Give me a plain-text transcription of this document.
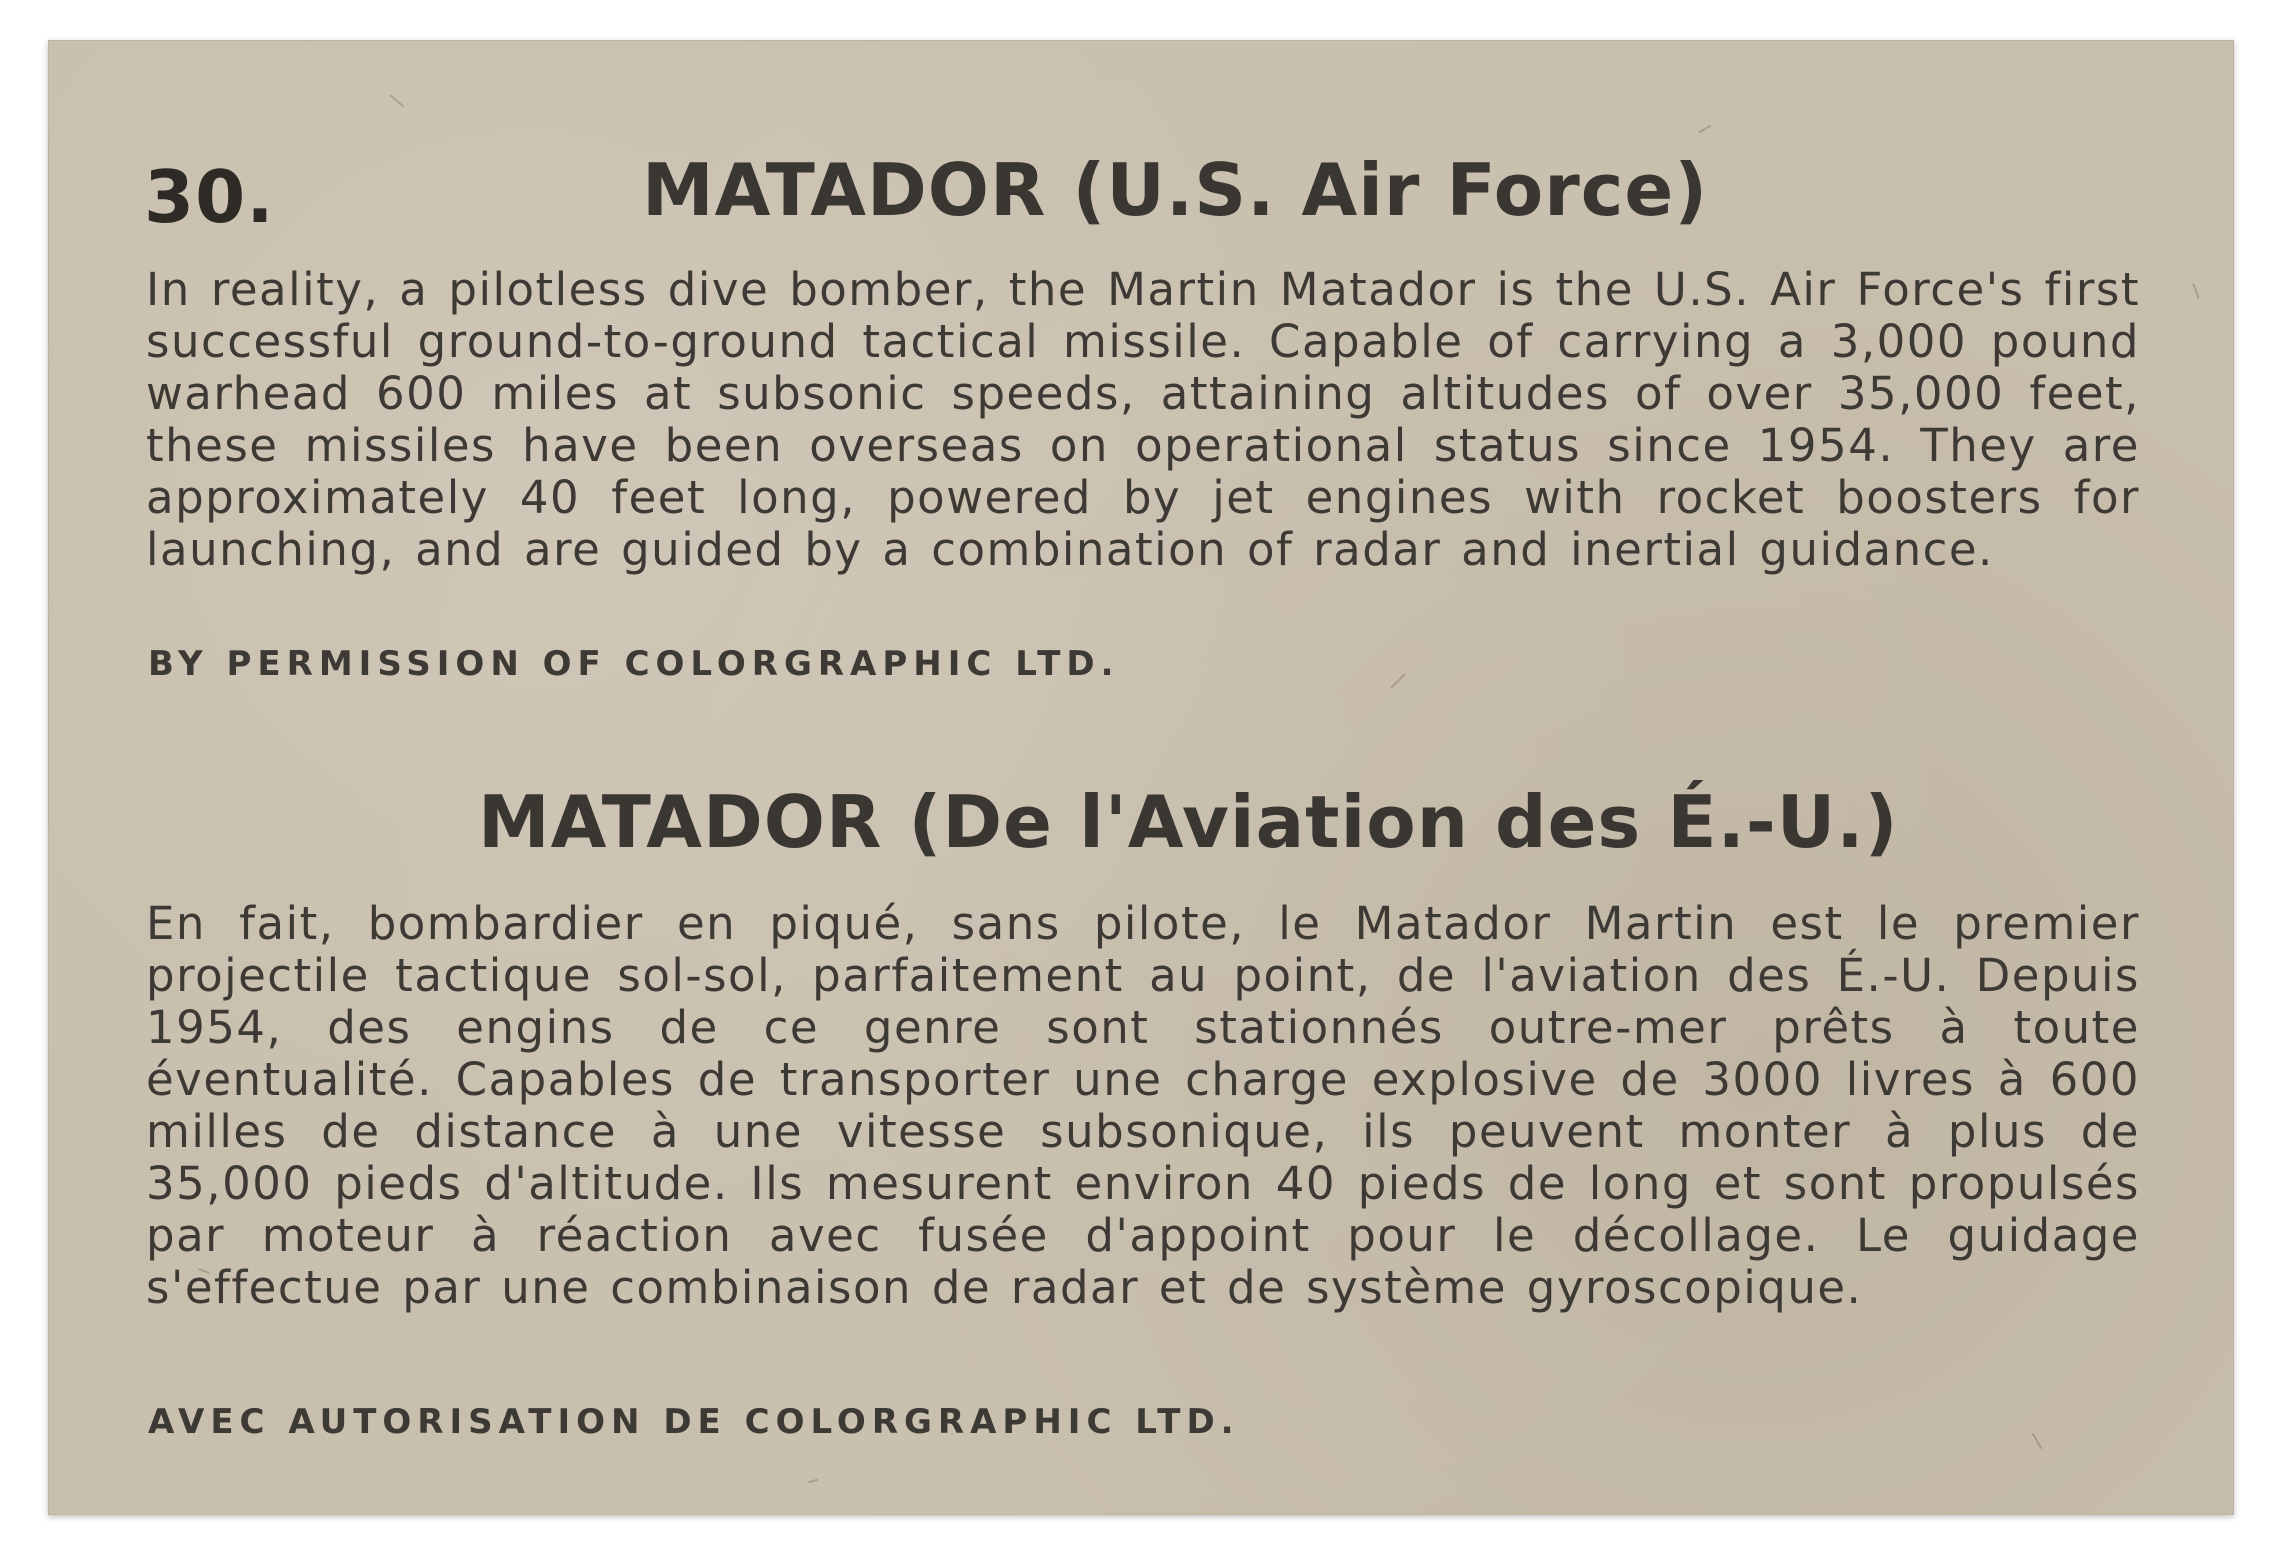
30.	MATADOR (U.S. Air Force)
In reality, a pilotless dive bomber, the Martin Matador is the U.S. Air Force's first successful ground-to-ground tactical missile. Capable of carrying a 3,000 pound warhead 600 miles at subsonic speeds, attaining altitudes of over 35,000 feet, these missiles have been overseas on operational status since 1954. They are approximately 40 feet long, powered by jet engines with rocket boosters for launching, and are guided by a combination of radar and inertial guidance.
BY PERMISSION OF COLORGRAPHIC LTD.
MATADOR (De l'Aviation des É.-U.)
En fait, bombardier en piqué, sans pilote, le Matador Martin est le premier projectile tactique sol-sol, parfaitement au point, de l'aviation des É.-U. Depuis 1954, des engins de ce genre sont stationnés outre-mer prêts à toute éventualité. Capables de transporter une charge explosive de 3000 livres à 600 milles de distance à une vitesse subsonique, ils peuvent monter à plus de 35,000 pieds d'altitude. Ils mesurent environ 40 pieds de long et sont propulsés par moteur à réaction avec fusée d'appoint pour le décollage. Le guidage s'effectue par une combinaison de radar et de système gyroscopique.
AVEC AUTORISATION DE COLORGRAPHIC LTD.
